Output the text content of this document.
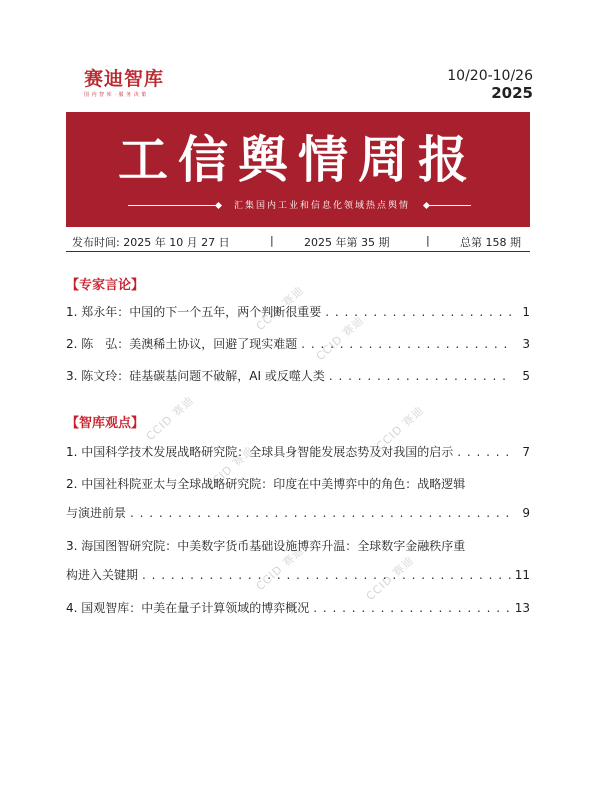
赛迪智库
国 内 智 库 · 服 务 决 策
10/20-10/26
2025
工信舆情周报
汇集国内工业和信息化领域热点舆情
发布时间: 2025 年 10 月 27 日	|	2025 年第 35 期	|	总第 158 期
CCID 赛迪
CCID 赛迪
CCID 赛迪
CCID 赛迪
CCID 赛迪
CCID 赛迪	CCID 赛迪
【专家言论】
1. 郑永年：中国的下一个五年，两个判断很重要 . . .	1
2. 陈　弘：美澳稀土协议，回避了现实难题 . . .	3
3. 陈文玲：硅基碳基问题不破解，AI 或反噬人类 . . .	5
【智库观点】
1. 中国科学技术发展战略研究院：全球具身智能发展态势及对我国的启示 . . .	7
2. 中国社科院亚太与全球战略研究院：印度在中美博弈中的角色：战略逻辑
与演进前景 . . .	9
3. 海国图智研究院：中美数字货币基础设施博弈升温：全球数字金融秩序重
构进入关键期 . . .	11
4. 国观智库：中美在量子计算领域的博弈概况 . . .	13
